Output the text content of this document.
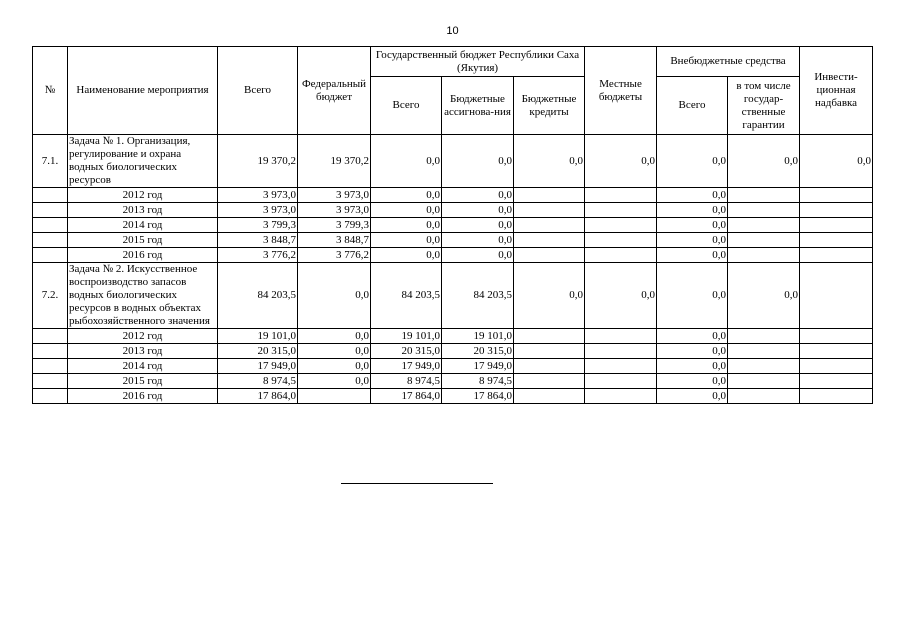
10
№	Наименование мероприятия	Всего	Федеральный бюджет	Государственный бюджет Республики Саха (Якутия)			Местные бюджеты	Внебюджетные средства		Инвести-ционная надбавка
				Всего	Бюджетные ассигнова-ния	Бюджетные кредиты		Всего	в том числе государ-ственные гарантии	
7.1.	Задача № 1. Организация, регулирование и охрана водных биологических ресурсов	19 370,2	19 370,2	0,0	0,0	0,0	0,0	0,0	0,0	0,0
	2012 год	3 973,0	3 973,0	0,0	0,0			0,0		
	2013 год	3 973,0	3 973,0	0,0	0,0			0,0		
	2014 год	3 799,3	3 799,3	0,0	0,0			0,0		
	2015 год	3 848,7	3 848,7	0,0	0,0			0,0		
	2016 год	3 776,2	3 776,2	0,0	0,0			0,0		
7.2.	Задача № 2. Искусственное воспроизводство запасов водных биологических ресурсов в водных объектах рыбохозяйственного значения	84 203,5	0,0	84 203,5	84 203,5	0,0	0,0	0,0	0,0	
	2012 год	19 101,0	0,0	19 101,0	19 101,0			0,0		
	2013 год	20 315,0	0,0	20 315,0	20 315,0			0,0		
	2014 год	17 949,0	0,0	17 949,0	17 949,0			0,0		
	2015 год	8 974,5	0,0	8 974,5	8 974,5			0,0		
	2016 год	17 864,0		17 864,0	17 864,0			0,0		
